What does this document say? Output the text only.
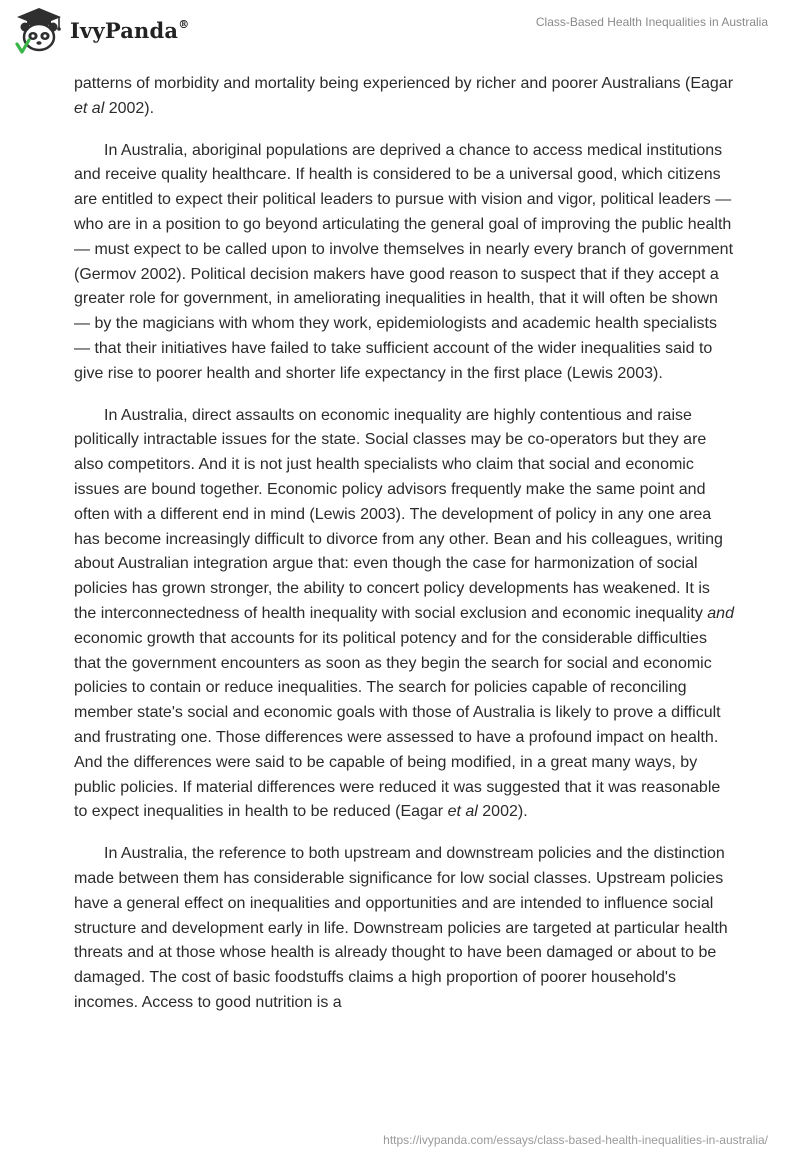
IvyPanda®	Class-Based Health Inequalities in Australia

patterns of morbidity and mortality being experienced by richer and poorer Australians (Eagar et al 2002).

In Australia, aboriginal populations are deprived a chance to access medical institutions and receive quality healthcare. If health is considered to be a universal good, which citizens are entitled to expect their political leaders to pursue with vision and vigor, political leaders — who are in a position to go beyond articulating the general goal of improving the public health — must expect to be called upon to involve themselves in nearly every branch of government (Germov 2002). Political decision makers have good reason to suspect that if they accept a greater role for government, in ameliorating inequalities in health, that it will often be shown — by the magicians with whom they work, epidemiologists and academic health specialists — that their initiatives have failed to take sufficient account of the wider inequalities said to give rise to poorer health and shorter life expectancy in the first place (Lewis 2003).

In Australia, direct assaults on economic inequality are highly contentious and raise politically intractable issues for the state. Social classes may be co-operators but they are also competitors. And it is not just health specialists who claim that social and economic issues are bound together. Economic policy advisors frequently make the same point and often with a different end in mind (Lewis 2003). The development of policy in any one area has become increasingly difficult to divorce from any other. Bean and his colleagues, writing about Australian integration argue that: even though the case for harmonization of social policies has grown stronger, the ability to concert policy developments has weakened. It is the interconnectedness of health inequality with social exclusion and economic inequality and economic growth that accounts for its political potency and for the considerable difficulties that the government encounters as soon as they begin the search for social and economic policies to contain or reduce inequalities. The search for policies capable of reconciling member state's social and economic goals with those of Australia is likely to prove a difficult and frustrating one. Those differences were assessed to have a profound impact on health. And the differences were said to be capable of being modified, in a great many ways, by public policies. If material differences were reduced it was suggested that it was reasonable to expect inequalities in health to be reduced (Eagar et al 2002).

In Australia, the reference to both upstream and downstream policies and the distinction made between them has considerable significance for low social classes. Upstream policies have a general effect on inequalities and opportunities and are intended to influence social structure and development early in life. Downstream policies are targeted at particular health threats and at those whose health is already thought to have been damaged or about to be damaged. The cost of basic foodstuffs claims a high proportion of poorer household's incomes. Access to good nutrition is a

https://ivypanda.com/essays/class-based-health-inequalities-in-australia/
